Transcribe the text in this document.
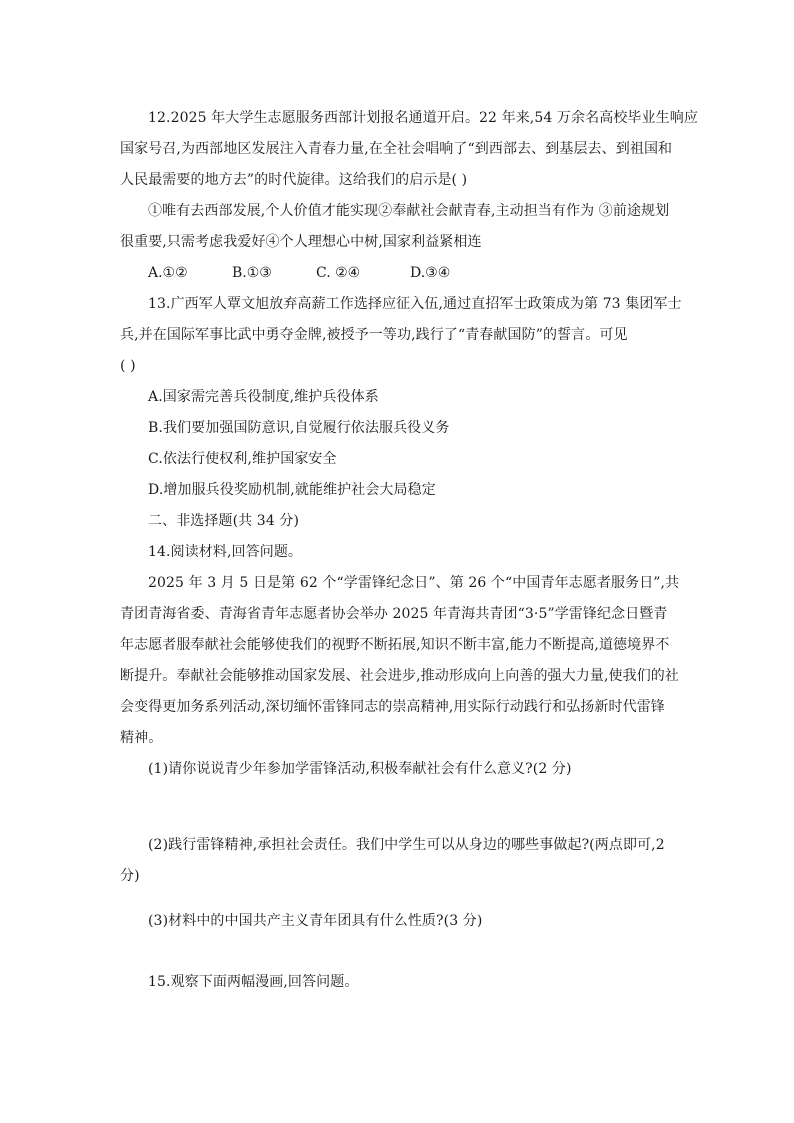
12.2025 年大学生志愿服务西部计划报名通道开启。22 年来,54 万余名高校毕业生响应
国家号召,为西部地区发展注入青春力量,在全社会唱响了“到西部去、到基层去、到祖国和
人民最需要的地方去”的时代旋律。这给我们的启示是( )
①唯有去西部发展,个人价值才能实现②奉献社会献青春,主动担当有作为 ③前途规划
很重要,只需考虑我爱好④个人理想心中树,国家利益紧相连
A.①②	B.①③	C. ②④	D.③④
13.广西军人覃文旭放弃高薪工作选择应征入伍,通过直招军士政策成为第 73 集团军士
兵,并在国际军事比武中勇夺金牌,被授予一等功,践行了“青春献国防”的誓言。可见
( )
A.国家需完善兵役制度,维护兵役体系
B.我们要加强国防意识,自觉履行依法服兵役义务
C.依法行使权利,维护国家安全
D.增加服兵役奖励机制,就能维护社会大局稳定
二、非选择题(共 34 分)
14.阅读材料,回答问题。
2025 年 3 月 5 日是第 62 个“学雷锋纪念日”、第 26 个“中国青年志愿者服务日”,共
青团青海省委、青海省青年志愿者协会举办 2025 年青海共青团“3·5”学雷锋纪念日暨青
年志愿者服奉献社会能够使我们的视野不断拓展,知识不断丰富,能力不断提高,道德境界不
断提升。奉献社会能够推动国家发展、社会进步,推动形成向上向善的强大力量,使我们的社
会变得更加务系列活动,深切缅怀雷锋同志的崇高精神,用实际行动践行和弘扬新时代雷锋
精神。
(1)请你说说青少年参加学雷锋活动,积极奉献社会有什么意义?(2 分)
(2)践行雷锋精神,承担社会责任。我们中学生可以从身边的哪些事做起?(两点即可,2
分)
(3)材料中的中国共产主义青年团具有什么性质?(3 分)
15.观察下面两幅漫画,回答问题。
